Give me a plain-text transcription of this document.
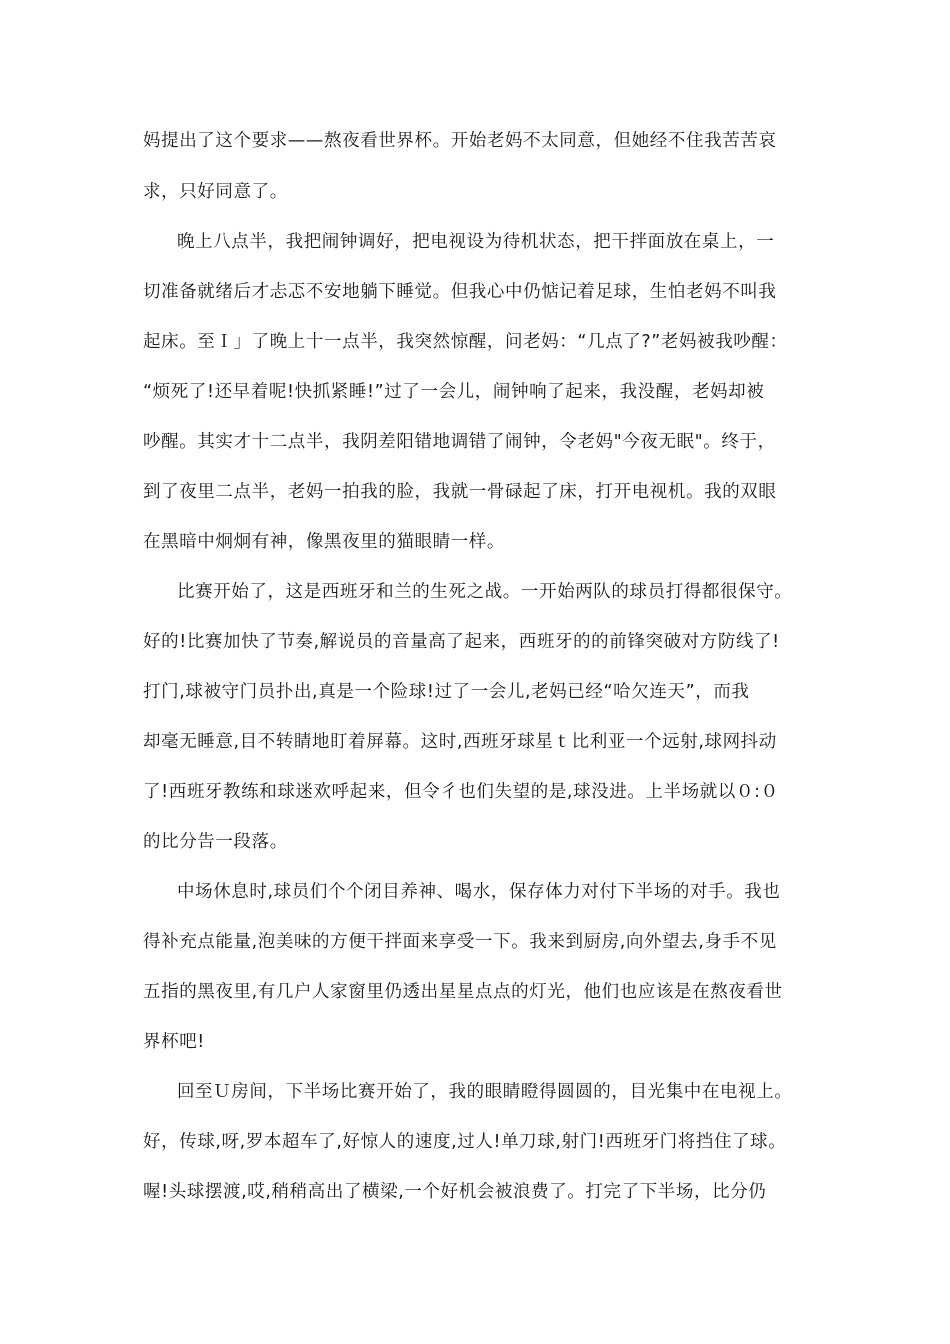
妈提出了这个要求——熬夜看世界杯。开始老妈不太同意，但她经不住我苦苦哀
求，只好同意了。
晚上八点半，我把闹钟调好，把电视设为待机状态，把干拌面放在桌上，一
切准备就绪后才忐忑不安地躺下睡觉。但我心中仍惦记着足球，生怕老妈不叫我
起床。至Ｉ」了晚上十一点半，我突然惊醒，问老妈：“几点了?”老妈被我吵醒：
“烦死了!还早着呢!快抓紧睡!”过了一会儿，闹钟响了起来，我没醒，老妈却被
吵醒。其实才十二点半，我阴差阳错地调错了闹钟，令老妈"今夜无眠"。终于，
到了夜里二点半，老妈一拍我的脸，我就一骨碌起了床，打开电视机。我的双眼
在黑暗中炯炯有神，像黑夜里的猫眼睛一样。
比赛开始了，这是西班牙和兰的生死之战。一开始两队的球员打得都很保守。
好的!比赛加快了节奏,解说员的音量高了起来，西班牙的的前锋突破对方防线了!
打门,球被守门员扑出,真是一个险球!过了一会儿,老妈已经“哈欠连天”，而我
却毫无睡意,目不转睛地盯着屏幕。这时,西班牙球星ｔ比利亚一个远射,球网抖动
了!西班牙教练和球迷欢呼起来，但令彳也们失望的是,球没进。上半场就以０:０
的比分告一段落。
中场休息时,球员们个个闭目养神、喝水，保存体力对付下半场的对手。我也
得补充点能量,泡美味的方便干拌面来享受一下。我来到厨房,向外望去,身手不见
五指的黑夜里,有几户人家窗里仍透出星星点点的灯光，他们也应该是在熬夜看世
界杯吧!
回至Ｕ房间，下半场比赛开始了，我的眼睛瞪得圆圆的，目光集中在电视上。
好，传球,呀,罗本超车了,好惊人的速度,过人!单刀球,射门!西班牙门将挡住了球。
喔!头球摆渡,哎,稍稍高出了横梁,一个好机会被浪费了。打完了下半场，比分仍
